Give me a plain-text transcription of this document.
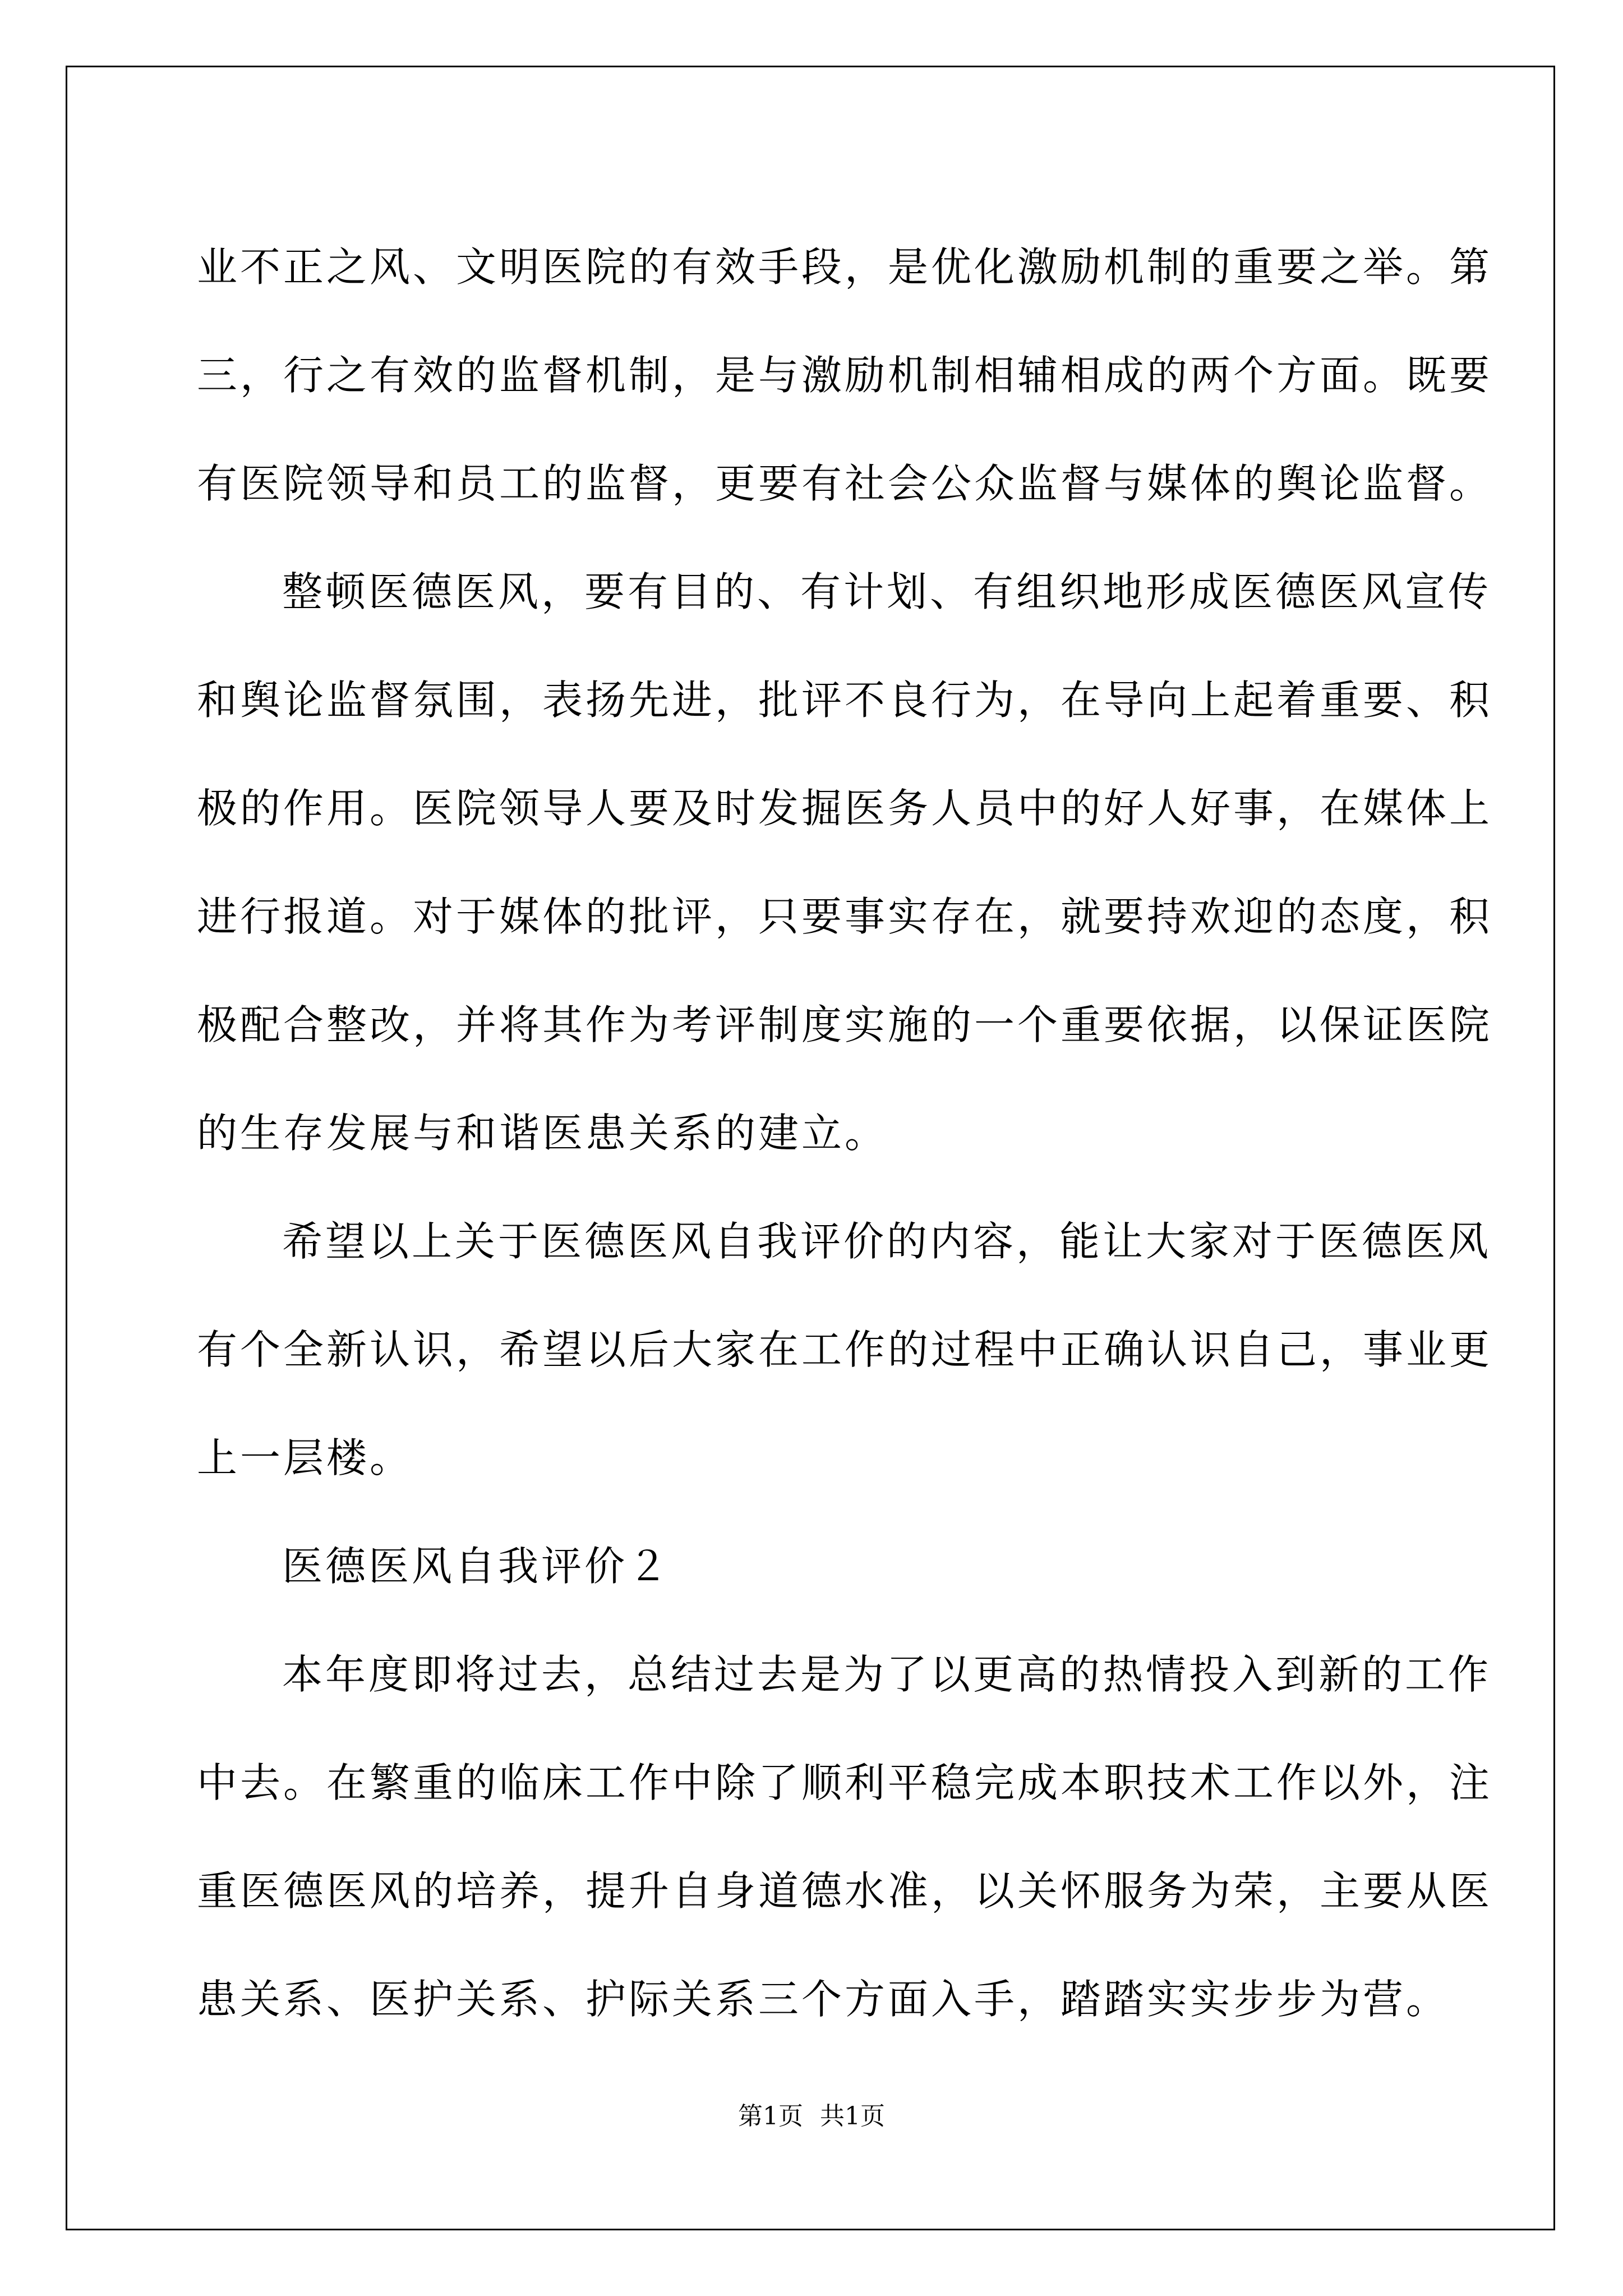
业不正之风、文明医院的有效手段，是优化激励机制的重要之举。第
三，行之有效的监督机制，是与激励机制相辅相成的两个方面。既要
有医院领导和员工的监督，更要有社会公众监督与媒体的舆论监督。
整顿医德医风，要有目的、有计划、有组织地形成医德医风宣传
和舆论监督氛围，表扬先进，批评不良行为，在导向上起着重要、积
极的作用。医院领导人要及时发掘医务人员中的好人好事，在媒体上
进行报道。对于媒体的批评，只要事实存在，就要持欢迎的态度，积
极配合整改，并将其作为考评制度实施的一个重要依据，以保证医院
的生存发展与和谐医患关系的建立。
希望以上关于医德医风自我评价的内容，能让大家对于医德医风
有个全新认识，希望以后大家在工作的过程中正确认识自己，事业更
上一层楼。
医德医风自我评价２
本年度即将过去，总结过去是为了以更高的热情投入到新的工作
中去。在繁重的临床工作中除了顺利平稳完成本职技术工作以外，注
重医德医风的培养，提升自身道德水准，以关怀服务为荣，主要从医
患关系、医护关系、护际关系三个方面入手，踏踏实实步步为营。
第1页 共1页
